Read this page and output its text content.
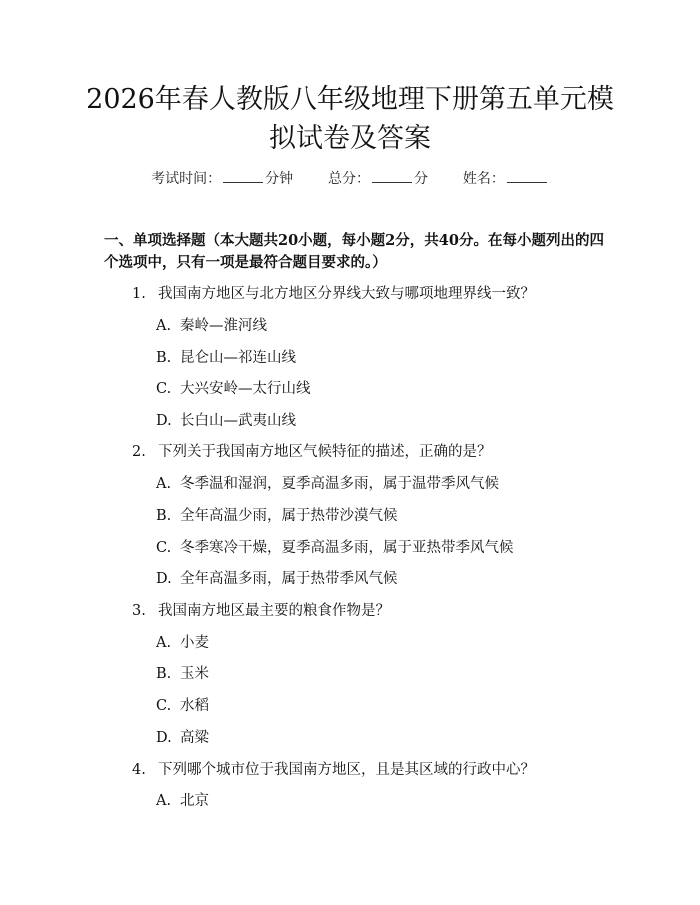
2026年春人教版八年级地理下册第五单元模
拟试卷及答案
考试时间：	分钟 总分：	分 姓名：
一、单项选择题（本大题共20小题，每小题2分，共40分。在每小题列出的四个选项中，只有一项是最符合题目要求的。）
1. 我国南方地区与北方地区分界线大致与哪项地理界线一致？
A. 秦岭—淮河线
B. 昆仑山—祁连山线
C. 大兴安岭—太行山线
D. 长白山—武夷山线
2. 下列关于我国南方地区气候特征的描述，正确的是？
A. 冬季温和湿润，夏季高温多雨，属于温带季风气候
B. 全年高温少雨，属于热带沙漠气候
C. 冬季寒冷干燥，夏季高温多雨，属于亚热带季风气候
D. 全年高温多雨，属于热带季风气候
3. 我国南方地区最主要的粮食作物是？
A. 小麦
B. 玉米
C. 水稻
D. 高粱
4. 下列哪个城市位于我国南方地区，且是其区域的行政中心？
A. 北京
